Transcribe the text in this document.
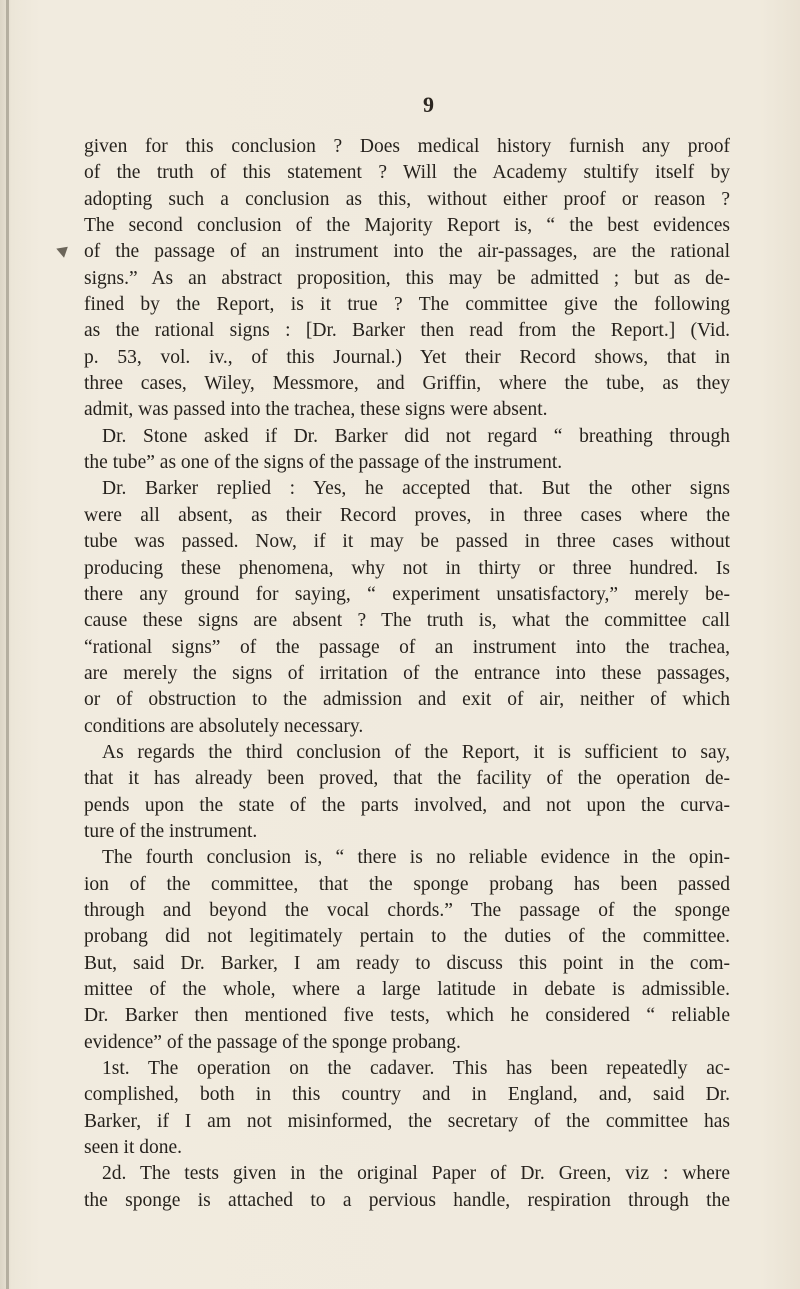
9
given for this conclusion ? Does medical history furnish any proof
of the truth of this statement ? Will the Academy stultify itself by
adopting such a conclusion as this, without either proof or reason ?
The second conclusion of the Majority Report is, “ the best evidences
of the passage of an instrument into the air-passages, are the rational
signs.” As an abstract proposition, this may be admitted ; but as de-
fined by the Report, is it true ? The committee give the following
as the rational signs : [Dr. Barker then read from the Report.] (Vid.
p. 53, vol. iv., of this Journal.) Yet their Record shows, that in
three cases, Wiley, Messmore, and Griffin, where the tube, as they
admit, was passed into the trachea, these signs were absent.
Dr. Stone asked if Dr. Barker did not regard “ breathing through
the tube” as one of the signs of the passage of the instrument.
Dr. Barker replied : Yes, he accepted that. But the other signs
were all absent, as their Record proves, in three cases where the
tube was passed. Now, if it may be passed in three cases without
producing these phenomena, why not in thirty or three hundred. Is
there any ground for saying, “ experiment unsatisfactory,” merely be-
cause these signs are absent ? The truth is, what the committee call
“rational signs” of the passage of an instrument into the trachea,
are merely the signs of irritation of the entrance into these passages,
or of obstruction to the admission and exit of air, neither of which
conditions are absolutely necessary.
As regards the third conclusion of the Report, it is sufficient to say,
that it has already been proved, that the facility of the operation de-
pends upon the state of the parts involved, and not upon the curva-
ture of the instrument.
The fourth conclusion is, “ there is no reliable evidence in the opin-
ion of the committee, that the sponge probang has been passed
through and beyond the vocal chords.” The passage of the sponge
probang did not legitimately pertain to the duties of the committee.
But, said Dr. Barker, I am ready to discuss this point in the com-
mittee of the whole, where a large latitude in debate is admissible.
Dr. Barker then mentioned five tests, which he considered “ reliable
evidence” of the passage of the sponge probang.
1st. The operation on the cadaver. This has been repeatedly ac-
complished, both in this country and in England, and, said Dr.
Barker, if I am not misinformed, the secretary of the committee has
seen it done.
2d. The tests given in the original Paper of Dr. Green, viz : where
the sponge is attached to a pervious handle, respiration through the
